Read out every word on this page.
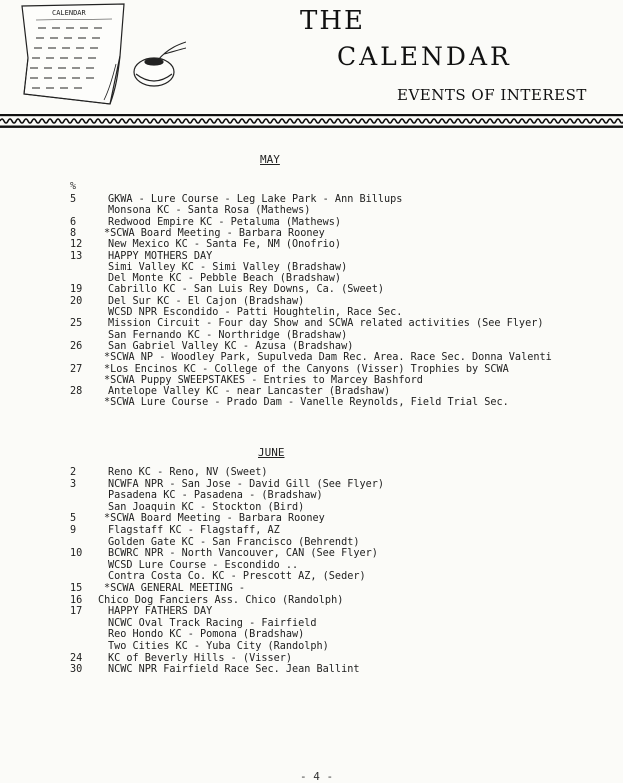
CALENDAR	THE
CALENDAR
EVENTS OF INTEREST
MAY
%
5	GKWA - Lure Course - Leg Lake Park - Ann Billups
Monsona KC - Santa Rosa (Mathews)
6	Redwood Empire KC - Petaluma (Mathews)
8	*SCWA Board Meeting - Barbara Rooney
12	New Mexico KC - Santa Fe, NM (Onofrio)
13	HAPPY MOTHERS DAY
Simi Valley KC - Simi Valley (Bradshaw)
Del Monte KC - Pebble Beach (Bradshaw)
19	Cabrillo KC - San Luis Rey Downs, Ca. (Sweet)
20	Del Sur KC - El Cajon (Bradshaw)
WCSD NPR Escondido - Patti Houghtelin, Race Sec.
25	Mission Circuit - Four day Show and SCWA related activities (See Flyer)
San Fernando KC - Northridge (Bradshaw)
26	San Gabriel Valley KC - Azusa (Bradshaw)
*SCWA NP - Woodley Park, Supulveda Dam Rec. Area. Race Sec. Donna Valenti
27	*Los Encinos KC - College of the Canyons (Visser) Trophies by SCWA
*SCWA Puppy SWEEPSTAKES - Entries to Marcey Bashford
28	Antelope Valley KC - near Lancaster (Bradshaw)
*SCWA Lure Course - Prado Dam - Vanelle Reynolds, Field Trial Sec.
2	Reno KC - Reno, NV (Sweet)
3	NCWFA NPR - San Jose - David Gill (See Flyer)
Pasadena KC - Pasadena - (Bradshaw)
San Joaquin KC - Stockton (Bird)
5	*SCWA Board Meeting - Barbara Rooney
9	Flagstaff KC - Flagstaff, AZ
Golden Gate KC - San Francisco (Behrendt)
10	BCWRC NPR - North Vancouver, CAN (See Flyer)
WCSD Lure Course - Escondido ..
Contra Costa Co. KC - Prescott AZ, (Seder)
15	*SCWA GENERAL MEETING -
16	Chico Dog Fanciers Ass. Chico (Randolph)
17	HAPPY FATHERS DAY
NCWC Oval Track Racing - Fairfield
Reo Hondo KC - Pomona (Bradshaw)
Two Cities KC - Yuba City (Randolph)
24	KC of Beverly Hills - (Visser)
30	NCWC NPR Fairfield Race Sec. Jean Ballint
JUNE
- 4 -
